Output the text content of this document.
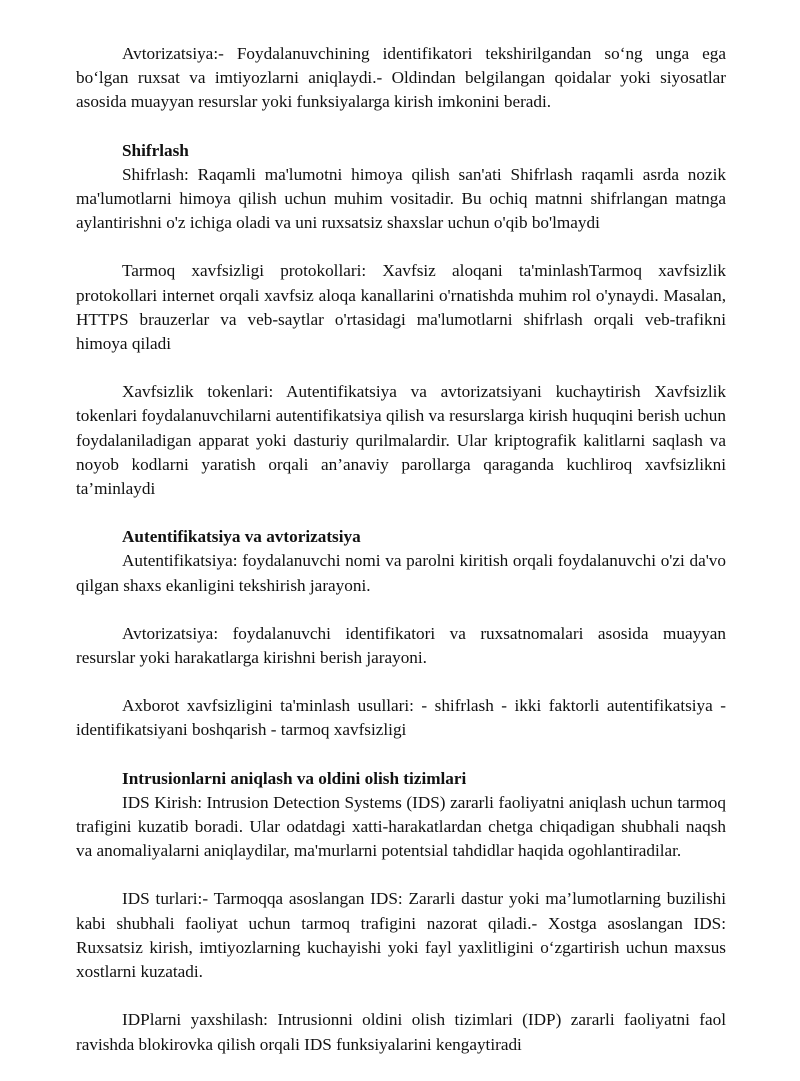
Avtorizatsiya:- Foydalanuvchining identifikatori tekshirilgandan so‘ng unga ega bo‘lgan ruxsat va imtiyozlarni aniqlaydi.- Oldindan belgilangan qoidalar yoki siyosatlar asosida muayyan resurslar yoki funksiyalarga kirish imkonini beradi.

Shifrlash

Shifrlash: Raqamli ma'lumotni himoya qilish san'ati Shifrlash raqamli asrda nozik ma'lumotlarni himoya qilish uchun muhim vositadir. Bu ochiq matnni shifrlangan matnga aylantirishni o'z ichiga oladi va uni ruxsatsiz shaxslar uchun o'qib bo'lmaydi

Tarmoq xavfsizligi protokollari: Xavfsiz aloqani ta'minlashTarmoq xavfsizlik protokollari internet orqali xavfsiz aloqa kanallarini o'rnatishda muhim rol o'ynaydi. Masalan, HTTPS brauzerlar va veb-saytlar o'rtasidagi ma'lumotlarni shifrlash orqali veb-trafikni himoya qiladi

Xavfsizlik tokenlari: Autentifikatsiya va avtorizatsiyani kuchaytirish Xavfsizlik tokenlari foydalanuvchilarni autentifikatsiya qilish va resurslarga kirish huquqini berish uchun foydalaniladigan apparat yoki dasturiy qurilmalardir. Ular kriptografik kalitlarni saqlash va noyob kodlarni yaratish orqali an’anaviy parollarga qaraganda kuchliroq xavfsizlikni ta’minlaydi

Autentifikatsiya va avtorizatsiya

Autentifikatsiya: foydalanuvchi nomi va parolni kiritish orqali foydalanuvchi o'zi da'vo qilgan shaxs ekanligini tekshirish jarayoni.

Avtorizatsiya: foydalanuvchi identifikatori va ruxsatnomalari asosida muayyan resurslar yoki harakatlarga kirishni berish jarayoni.

Axborot xavfsizligini ta'minlash usullari: - shifrlash - ikki faktorli autentifikatsiya - identifikatsiyani boshqarish - tarmoq xavfsizligi

Intrusionlarni aniqlash va oldini olish tizimlari

IDS Kirish: Intrusion Detection Systems (IDS) zararli faoliyatni aniqlash uchun tarmoq trafigini kuzatib boradi. Ular odatdagi xatti-harakatlardan chetga chiqadigan shubhali naqsh va anomaliyalarni aniqlaydilar, ma'murlarni potentsial tahdidlar haqida ogohlantiradilar.

IDS turlari:- Tarmoqqa asoslangan IDS: Zararli dastur yoki ma’lumotlarning buzilishi kabi shubhali faoliyat uchun tarmoq trafigini nazorat qiladi.- Xostga asoslangan IDS: Ruxsatsiz kirish, imtiyozlarning kuchayishi yoki fayl yaxlitligini o‘zgartirish uchun maxsus xostlarni kuzatadi.

IDPlarni yaxshilash: Intrusionni oldini olish tizimlari (IDP) zararli faoliyatni faol ravishda blokirovka qilish orqali IDS funksiyalarini kengaytiradi
